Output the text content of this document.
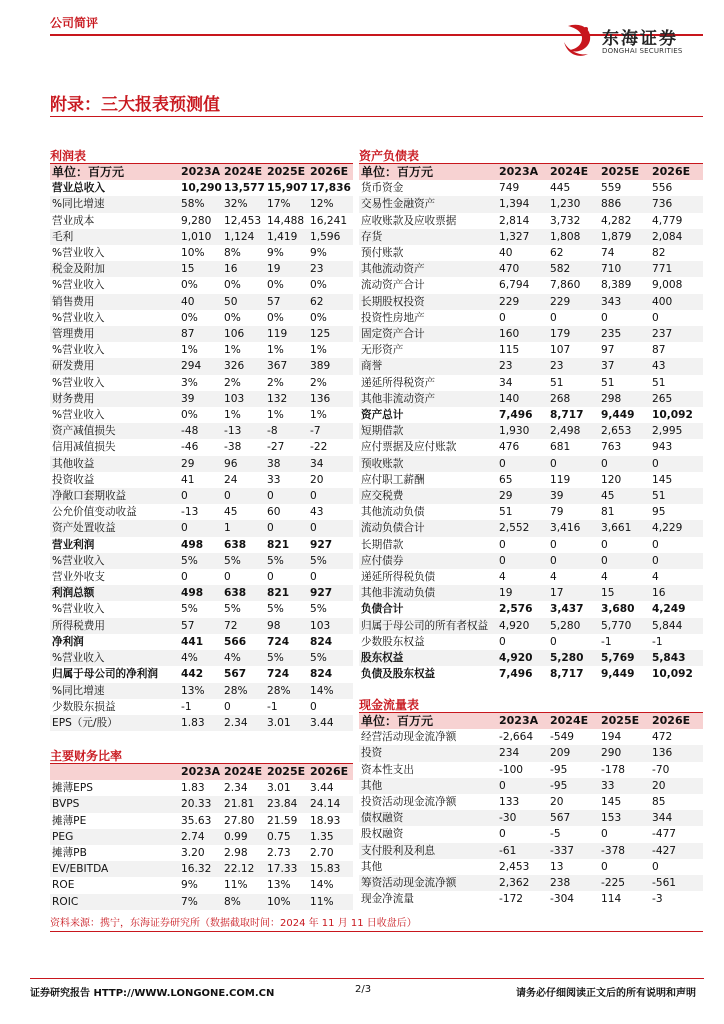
公司简评
东海证券
DONGHAI SECURITIES
附录：三大报表预测值
利润表
单位：百万元	2023A	2024E	2025E	2026E
营业总收入	10,290	13,577	15,907	17,836
%同比增速	58%	32%	17%	12%
营业成本	9,280	12,453	14,488	16,241
毛利	1,010	1,124	1,419	1,596
%营业收入	10%	8%	9%	9%
税金及附加	15	16	19	23
%营业收入	0%	0%	0%	0%
销售费用	40	50	57	62
%营业收入	0%	0%	0%	0%
管理费用	87	106	119	125
%营业收入	1%	1%	1%	1%
研发费用	294	326	367	389
%营业收入	3%	2%	2%	2%
财务费用	39	103	132	136
%营业收入	0%	1%	1%	1%
资产减值损失	-48	-13	-8	-7
信用减值损失	-46	-38	-27	-22
其他收益	29	96	38	34
投资收益	41	24	33	20
净敞口套期收益	0	0	0	0
公允价值变动收益	-13	45	60	43
资产处置收益	0	1	0	0
营业利润	498	638	821	927
%营业收入	5%	5%	5%	5%
营业外收支	0	0	0	0
利润总额	498	638	821	927
%营业收入	5%	5%	5%	5%
所得税费用	57	72	98	103
净利润	441	566	724	824
%营业收入	4%	4%	5%	5%
归属于母公司的净利润	442	567	724	824
%同比增速	13%	28%	28%	14%
少数股东损益	-1	0	-1	0
EPS（元/股）	1.83	2.34	3.01	3.44
主要财务比率
	2023A	2024E	2025E	2026E
摊薄EPS	1.83	2.34	3.01	3.44
BVPS	20.33	21.81	23.84	24.14
摊薄PE	35.63	27.80	21.59	18.93
PEG	2.74	0.99	0.75	1.35
摊薄PB	3.20	2.98	2.73	2.70
EV/EBITDA	16.32	22.12	17.33	15.83
ROE	9%	11%	13%	14%
ROIC	7%	8%	10%	11%
资产负债表
单位：百万元	2023A	2024E	2025E	2026E
货币资金	749	445	559	556
交易性金融资产	1,394	1,230	886	736
应收账款及应收票据	2,814	3,732	4,282	4,779
存货	1,327	1,808	1,879	2,084
预付账款	40	62	74	82
其他流动资产	470	582	710	771
流动资产合计	6,794	7,860	8,389	9,008
长期股权投资	229	229	343	400
投资性房地产	0	0	0	0
固定资产合计	160	179	235	237
无形资产	115	107	97	87
商誉	23	23	37	43
递延所得税资产	34	51	51	51
其他非流动资产	140	268	298	265
资产总计	7,496	8,717	9,449	10,092
短期借款	1,930	2,498	2,653	2,995
应付票据及应付账款	476	681	763	943
预收账款	0	0	0	0
应付职工薪酬	65	119	120	145
应交税费	29	39	45	51
其他流动负债	51	79	81	95
流动负债合计	2,552	3,416	3,661	4,229
长期借款	0	0	0	0
应付债券	0	0	0	0
递延所得税负债	4	4	4	4
其他非流动负债	19	17	15	16
负债合计	2,576	3,437	3,680	4,249
归属于母公司的所有者权益	4,920	5,280	5,770	5,844
少数股东权益	0	0	-1	-1
股东权益	4,920	5,280	5,769	5,843
负债及股东权益	7,496	8,717	9,449	10,092
现金流量表
单位：百万元	2023A	2024E	2025E	2026E
经营活动现金流净额	-2,664	-549	194	472
投资	234	209	290	136
资本性支出	-100	-95	-178	-70
其他	0	-95	33	20
投资活动现金流净额	133	20	145	85
债权融资	-30	567	153	344
股权融资	0	-5	0	-477
支付股利及利息	-61	-337	-378	-427
其他	2,453	13	0	0
筹资活动现金流净额	2,362	238	-225	-561
现金净流量	-172	-304	114	-3
资料来源：携宁，东海证券研究所（数据截取时间：2024 年 11 月 11 日收盘后）
证券研究报告 HTTP://WWW.LONGONE.COM.CN	2/3	请务必仔细阅读正文后的所有说明和声明
